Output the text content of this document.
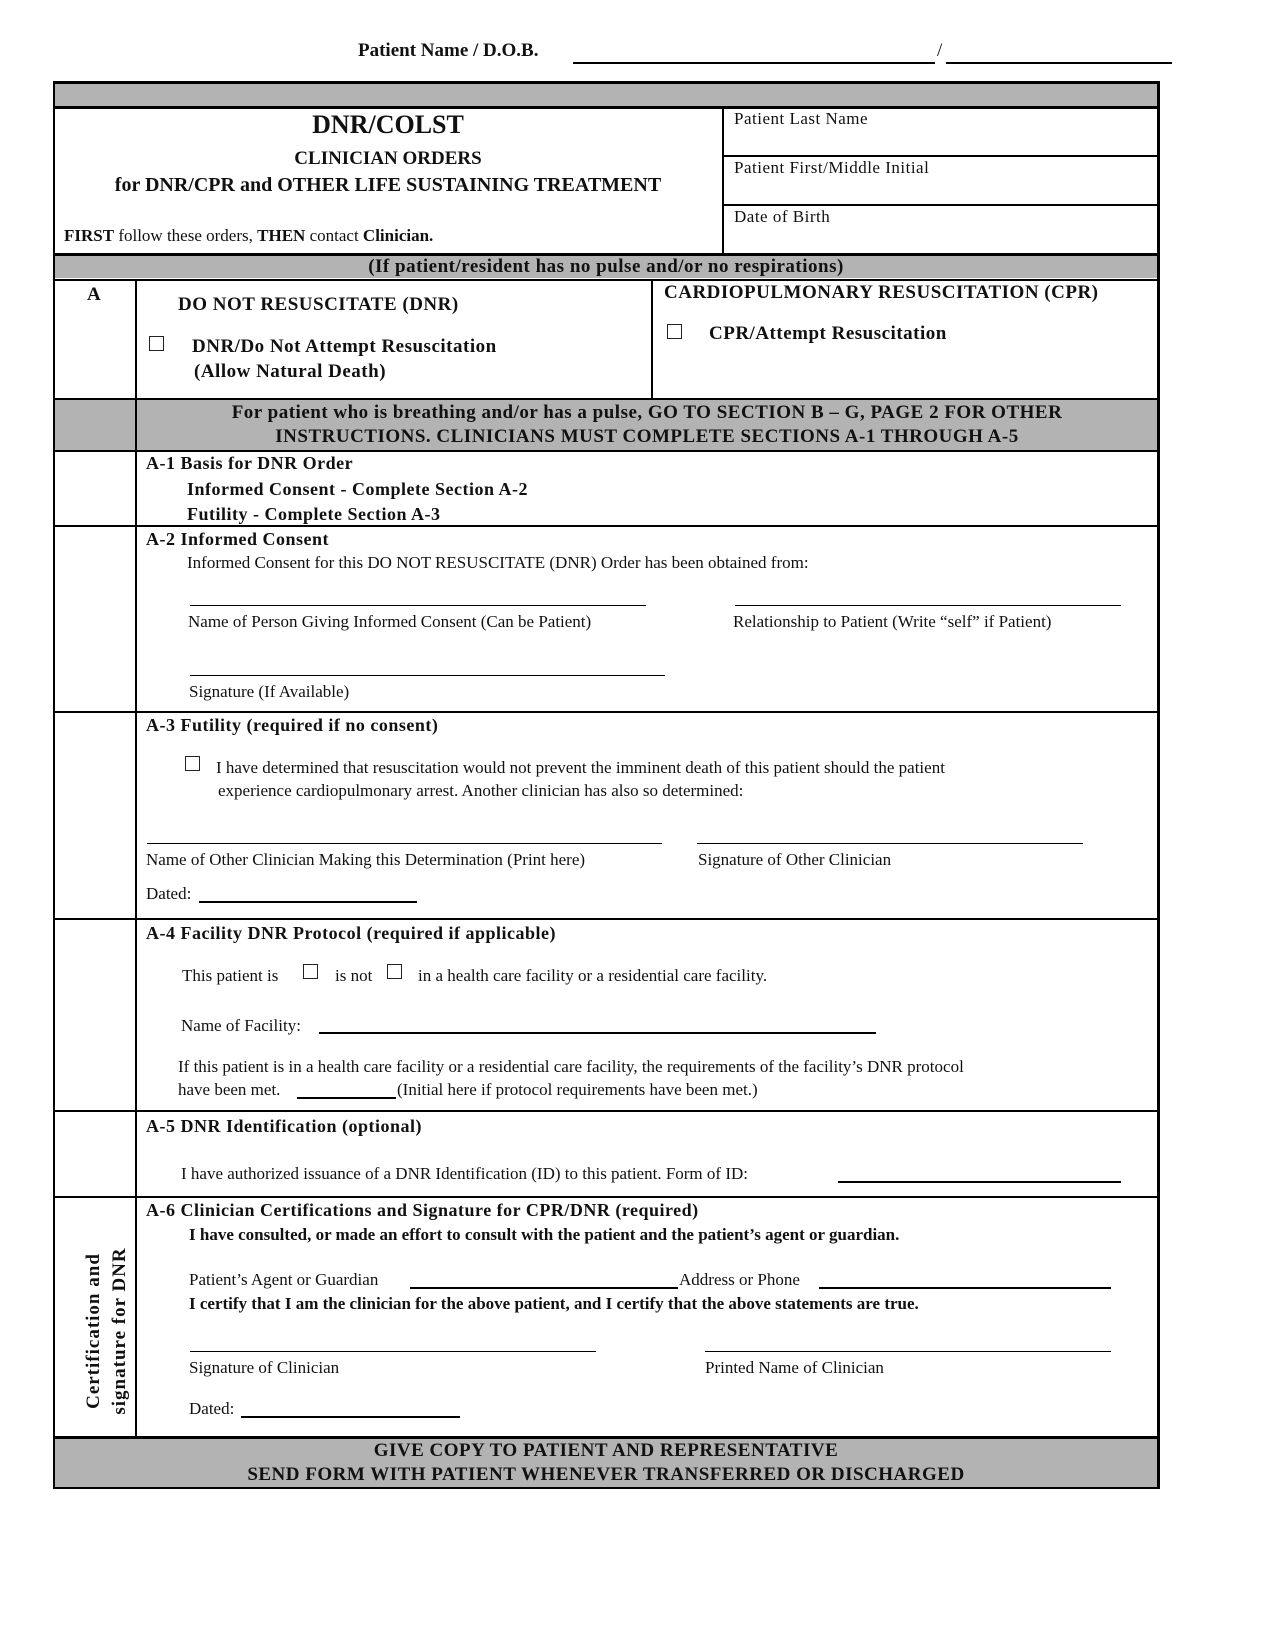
Patient Name / D.O.B.	/
DNR/COLST
CLINICIAN ORDERS
for DNR/CPR and OTHER LIFE SUSTAINING TREATMENT
FIRST follow these orders, THEN contact Clinician.
Patient Last Name
Patient First/Middle Initial
Date of Birth
(If patient/resident has no pulse and/or no respirations)
A	DO NOT RESUSCITATE (DNR)
DNR/Do Not Attempt Resuscitation
(Allow Natural Death)
CARDIOPULMONARY RESUSCITATION (CPR)
CPR/Attempt Resuscitation
For patient who is breathing and/or has a pulse, GO TO SECTION B – G, PAGE 2 FOR OTHER
INSTRUCTIONS. CLINICIANS MUST COMPLETE SECTIONS A-1 THROUGH A-5
A-1 Basis for DNR Order
Informed Consent - Complete Section A-2
Futility - Complete Section A-3
A-2 Informed Consent
Informed Consent for this DO NOT RESUSCITATE (DNR) Order has been obtained from:
Name of Person Giving Informed Consent (Can be Patient)	Relationship to Patient (Write “self” if Patient)
Signature (If Available)
A-3 Futility (required if no consent)
I have determined that resuscitation would not prevent the imminent death of this patient should the patient
experience cardiopulmonary arrest. Another clinician has also so determined:
Name of Other Clinician Making this Determination (Print here)	Signature of Other Clinician
Dated:
A-4 Facility DNR Protocol (required if applicable)
This patient is	is not	in a health care facility or a residential care facility.
Name of Facility:
If this patient is in a health care facility or a residential care facility, the requirements of the facility’s DNR protocol
have been met.	(Initial here if protocol requirements have been met.)
A-5 DNR Identification (optional)
I have authorized issuance of a DNR Identification (ID) to this patient. Form of ID:
Certification and signature for DNR
A-6 Clinician Certifications and Signature for CPR/DNR (required)
I have consulted, or made an effort to consult with the patient and the patient’s agent or guardian.
Patient’s Agent or Guardian	Address or Phone
I certify that I am the clinician for the above patient, and I certify that the above statements are true.
Signature of Clinician	Printed Name of Clinician
Dated:
GIVE COPY TO PATIENT AND REPRESENTATIVE
SEND FORM WITH PATIENT WHENEVER TRANSFERRED OR DISCHARGED
